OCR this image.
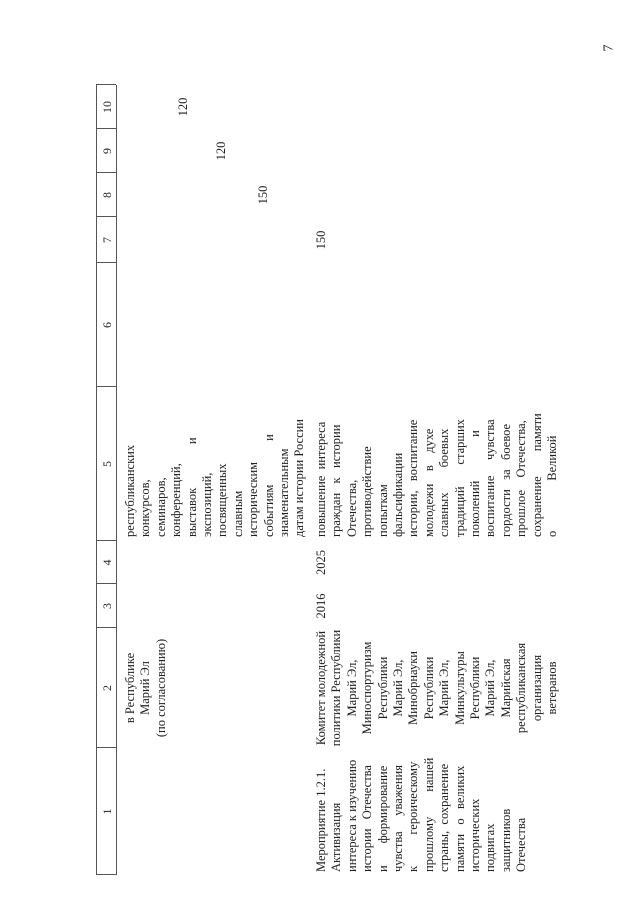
7
1
2
3
4
5
6
7
8
9
10
в Республике Марий Эл (по согласованию)
республиканских конкурсов, семинаров, конференций, выставок              и экспозиций, посвященных славным историческим событиям              и знаменательным датам истории России
Мероприятие 1.2.1. Активизация интереса к изучению истории   Отечества и       формирование чувства     уважения к          героическому прошлому        нашей страны,  сохранение памяти   о   великих исторических подвигах защитников Отечества
Комитет молодежной политики Республики Марий Эл, Миноспортуризм Республики Марий Эл, Минобрнауки Республики Марий Эл, Минкультуры Республики Марий Эл, Марийская республиканская организация ветеранов
2016
2025
повышение  интереса граждан   к   истории Отечества, противодействие попыткам фальсификации истории,   воспитание молодежи    в    духе славных        боевых традиций       старших поколений              и воспитание     чувства гордости   за   боевое прошлое    Отечества, сохранение        памяти о                Великой
150
150
120
120
